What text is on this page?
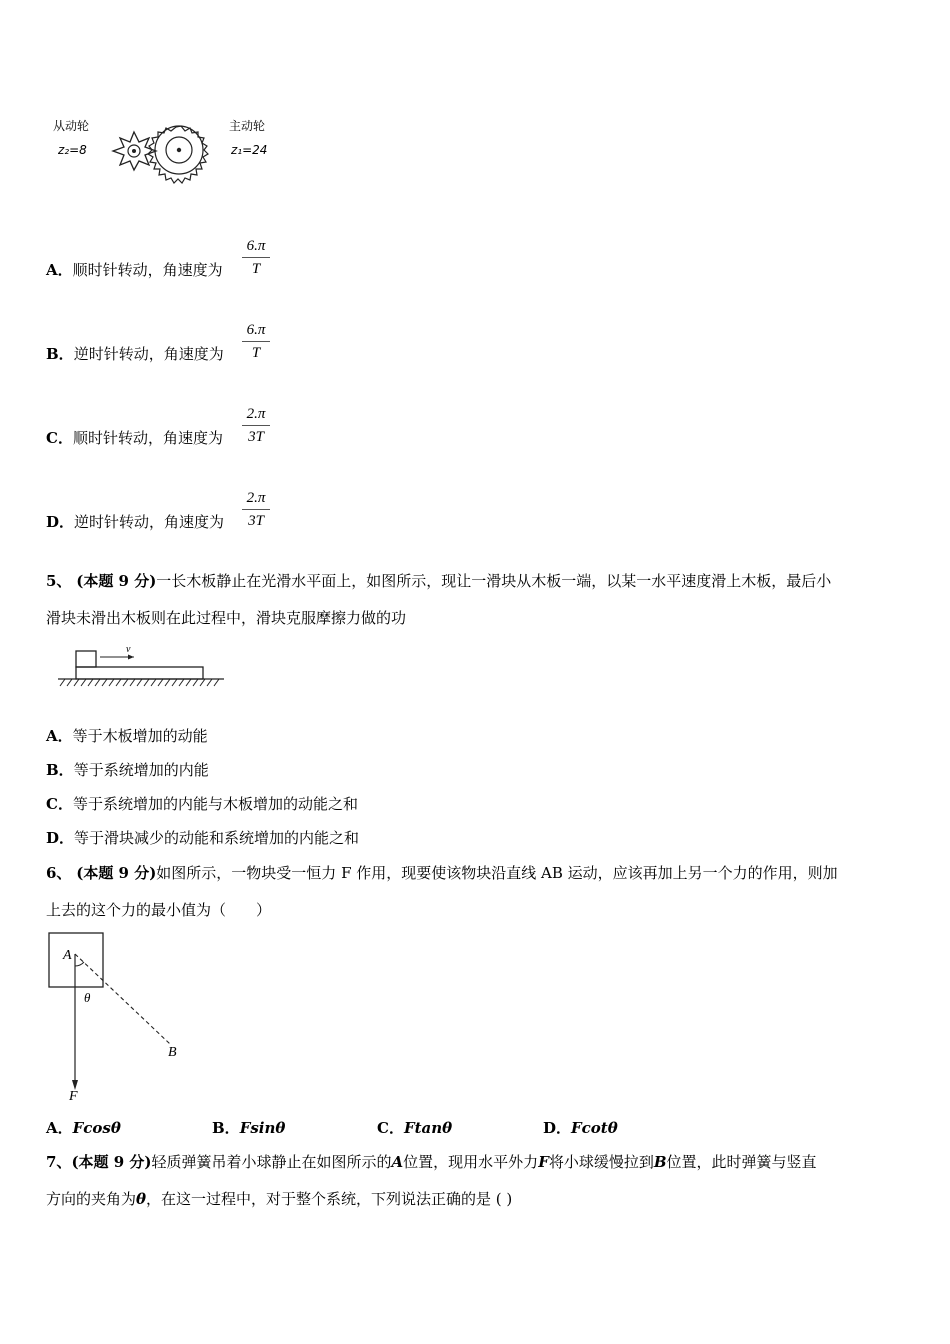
从动轮
z₂=8
主动轮
z₁=24
A．顺时针转动，角速度为
6.π
T
B．逆时针转动，角速度为
6.π
T
C．顺时针转动，角速度为
2.π
3T
D．逆时针转动，角速度为
2.π
3T
5、 (本题 9 分)一长木板静止在光滑水平面上，如图所示，现让一滑块从木板一端，以某一水平速度滑上木板，最后小
滑块未滑出木板则在此过程中，滑块克服摩擦力做的功
v
A．等于木板增加的动能
B．等于系统增加的内能
C．等于系统增加的内能与木板增加的动能之和
D．等于滑块减少的动能和系统增加的内能之和
6、 (本题 9 分)如图所示，一物块受一恒力 F 作用，现要使该物块沿直线 AB 运动，应该再加上另一个力的作用，则加
上去的这个力的最小值为（　　）
A
θ
B
F
A．Fcosθ	B．Fsinθ	C．Ftanθ	D．Fcotθ
7、(本题 9 分)轻质弹簧吊着小球静止在如图所示的A位置，现用水平外力F将小球缓慢拉到B位置，此时弹簧与竖直
方向的夹角为θ，在这一过程中，对于整个系统，下列说法正确的是 ( )
